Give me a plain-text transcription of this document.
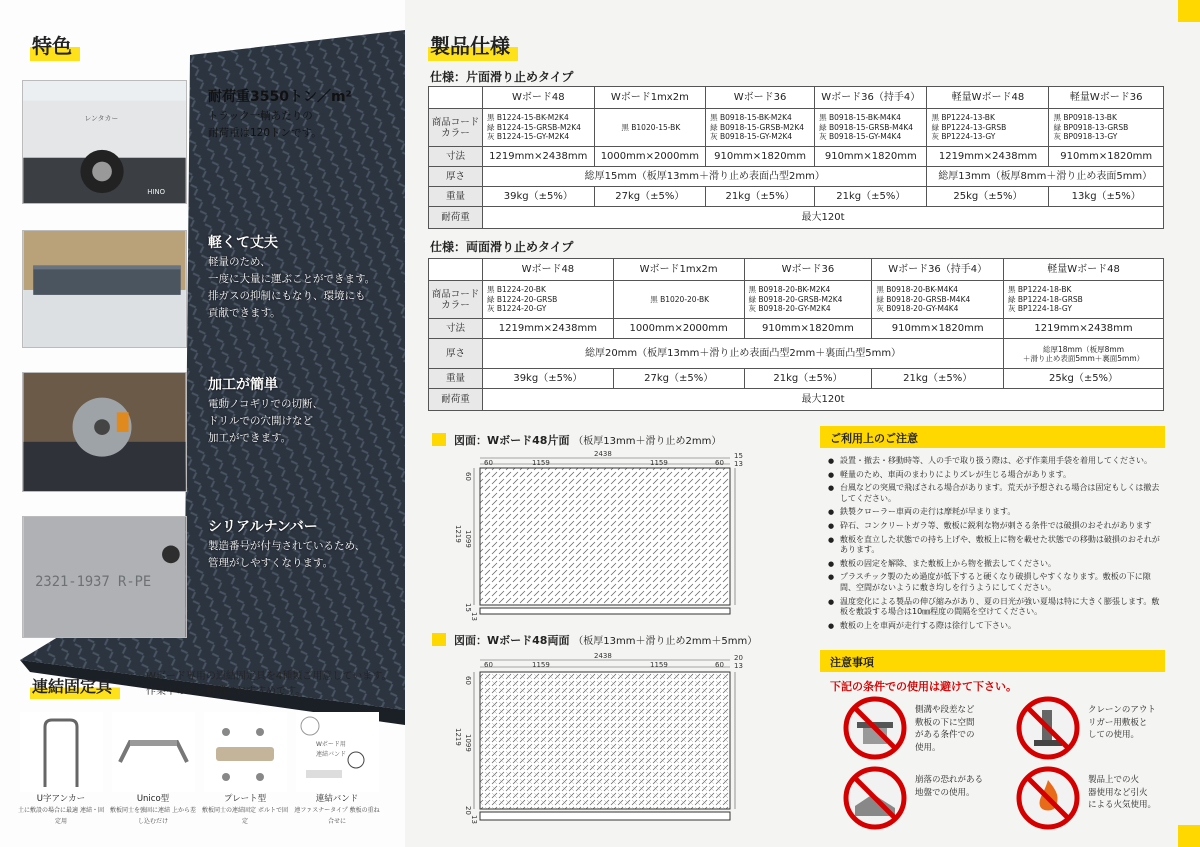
特色
レンタカー
HINO
耐荷重3550トン／m²
トラック一輌あたりの
耐荷重は120トンです。
軽くて丈夫
軽量のため、
一度に大量に運ぶことができます。
排ガスの抑制にもなり、環境にも
貢献できます。
加工が簡単
電動ノコギリでの切断、
ドリルでの穴開けなど
加工ができます。
2321-1937 R-PE
シリアルナンバー
製造番号が付与されているため、
管理がしやすくなります。
連結固定具
Wボード専用の連結固定具を4種類ご用意しています。
作業中のズレ解消におすすめです。
Wボード用
連結バンド
U字アンカー
土に敷設の場合に最適 連結・固定用
Unico型
敷板同士を強固に連結 上から差し込むだけ
プレート型
敷板同士の連結固定 ボルトで固定
連結バンド
連ファスナータイプ 敷板の重ね合せに
製品仕様
仕様：片面滑り止めタイプ
	Wボード48	Wボード1mx2m	Wボード36	Wボード36（持手4）	軽量Wボード48	軽量Wボード36
商品コード
カラー	黒 B1224-15-BK-M2K4
緑 B1224-15-GRSB-M2K4
灰 B1224-15-GY-M2K4	黒 B1020-15-BK	黒 B0918-15-BK-M2K4
緑 B0918-15-GRSB-M2K4
灰 B0918-15-GY-M2K4	黒 B0918-15-BK-M4K4
緑 B0918-15-GRSB-M4K4
灰 B0918-15-GY-M4K4	黒 BP1224-13-BK
緑 BP1224-13-GRSB
灰 BP1224-13-GY	黒 BP0918-13-BK
緑 BP0918-13-GRSB
灰 BP0918-13-GY
寸法	1219mm×2438mm	1000mm×2000mm	910mm×1820mm	910mm×1820mm	1219mm×2438mm	910mm×1820mm
厚さ	総厚15mm（板厚13mm＋滑り止め表面凸型2mm）				総厚13mm（板厚8mm＋滑り止め表面5mm）	
重量	39kg（±5%）	27kg（±5%）	21kg（±5%）	21kg（±5%）	25kg（±5%）	13kg（±5%）
耐荷重	最大120t					
仕様：両面滑り止めタイプ
	Wボード48	Wボード1mx2m	Wボード36	Wボード36（持手4）	軽量Wボード48
商品コード
カラー	黒 B1224-20-BK
緑 B1224-20-GRSB
灰 B1224-20-GY	黒 B1020-20-BK	黒 B0918-20-BK-M2K4
緑 B0918-20-GRSB-M2K4
灰 B0918-20-GY-M2K4	黒 B0918-20-BK-M4K4
緑 B0918-20-GRSB-M4K4
灰 B0918-20-GY-M4K4	黒 BP1224-18-BK
緑 BP1224-18-GRSB
灰 BP1224-18-GY
寸法	1219mm×2438mm	1000mm×2000mm	910mm×1820mm	910mm×1820mm	1219mm×2438mm
厚さ	総厚20mm（板厚13mm＋滑り止め表面凸型2mm＋裏面凸型5mm）				総厚18mm（板厚8mm
＋滑り止め表面5mm＋裏面5mm）
重量	39kg（±5%）	27kg（±5%）	21kg（±5%）	21kg（±5%）	25kg（±5%）
耐荷重	最大120t				
図面：Wボード48片面 （板厚13mm＋滑り止め2mm）
2438
60	1159	1159	60
15
13
1219
60
1099
15
13
図面：Wボード48両面 （板厚13mm＋滑り止め2mm＋5mm）
2438
60	1159	1159	60
20
13
1219
60
1099
20
13
ご利用上のご注意
● 設置・撤去・移動時等、人の手で取り扱う際は、必ず作業用手袋を着用してください。
● 軽量のため、車両のまわりによりズレが生じる場合があります。
● 台風などの突風で飛ばされる場合があります。荒天が予想される場合は固定もしくは撤去してください。
● 鉄製クローラー車両の走行は摩耗が早まります。
● 砕石、コンクリートガラ等、敷板に鋭利な物が刺さる条件では破損のおそれがあります
● 敷板を直立した状態での持ち上げや、敷板上に物を載せた状態での移動は破損のおそれがあります。
● 敷板の固定を解除、また敷板上から物を撤去してください。
● プラスチック製のため過度が低下すると硬くなり破損しやすくなります。敷板の下に隙間、空間がないように敷き均しを行うようにしてください。
● 温度変化による製品の伸び縮みがあり、夏の日光が強い夏場は特に大きく膨張します。敷板を敷設する場合は10㎜程度の間隔を空けてください。
● 敷板の上を車両が走行する際は徐行して下さい。
注意事項
下記の条件での使用は避けて下さい。
側溝や段差など
敷板の下に空間
がある条件での
使用。
クレーンのアウト
リガー用敷板と
しての使用。
崩落の恐れがある
地盤での使用。
製品上での火
器使用など引火
による火気使用。
